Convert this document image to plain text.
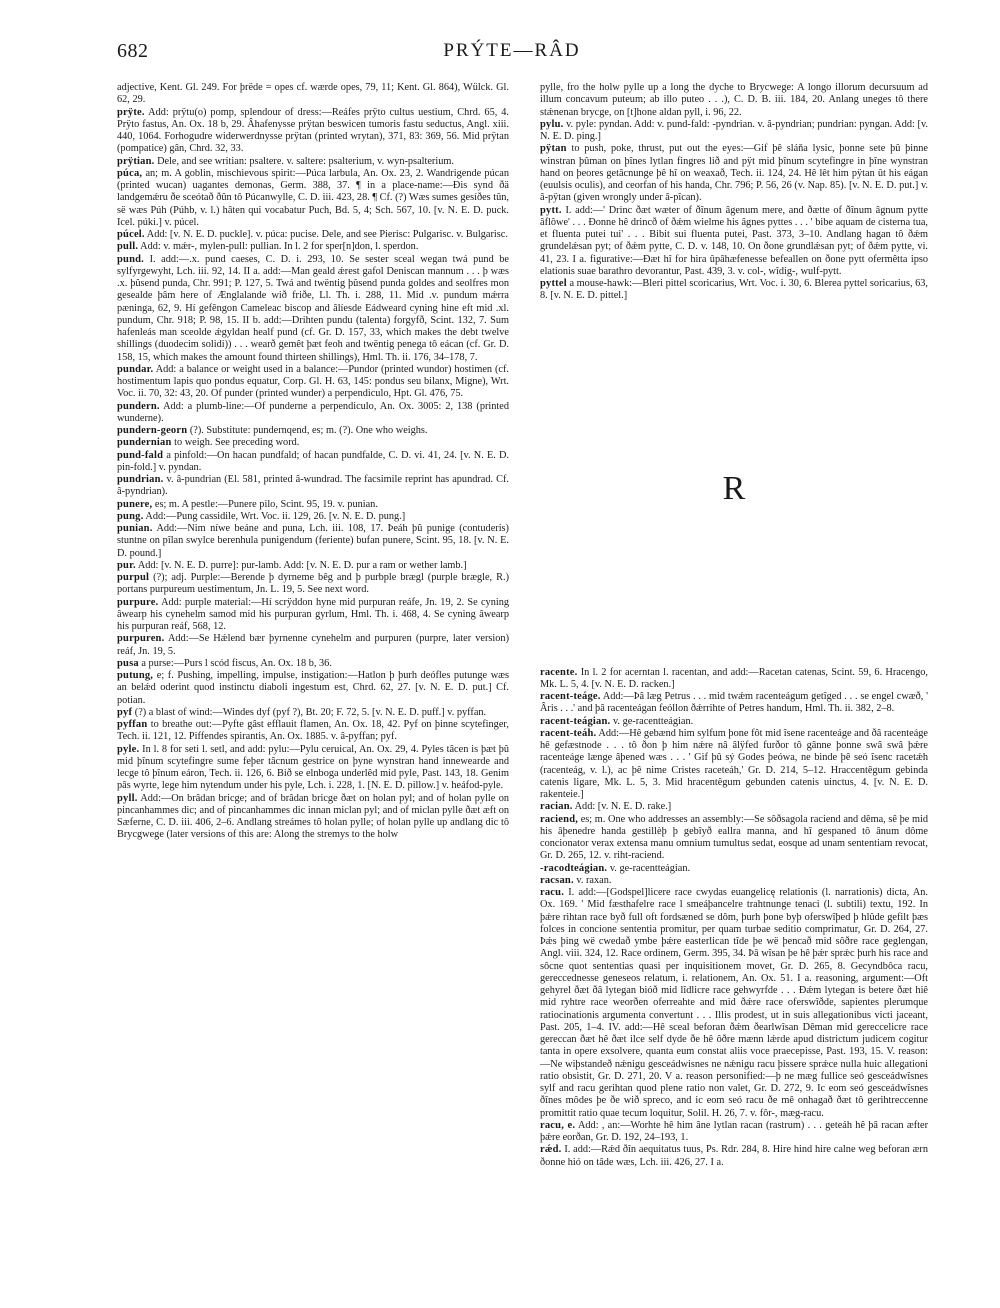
682	PRÝTE—RÂD

adjective, Kent. Gl. 249. For þrëde = opes cf. wærde opes, 79, 11; Kent. Gl. 864), Wülck. Gl. 62, 29.

prÿte. Add: prÿtu(o) pomp, splendour of dress:—Reáfes prÿto cultus uestium, Chrd. 65, 4. Prÿto fastus, An. Ox. 18 b, 29. Âhafenysse prÿtan beswicen tumoris fastu seductus, Angl. xiii. 440, 1064. Forhogudre widerwerdnysse prÿtan (printed wrytan), 371, 83: 369, 56. Mid prÿtan (pompatice) gân, Chrd. 32, 33.

prÿtian. Dele, and see writian: psaltere. v. saltere: psalterium, v. wyn-psalterium.

púca, an; m. A goblin, mischievous spirit:—Púca larbula, An. Ox. 23, 2. Wandrigende púcan (printed wucan) uagantes demonas, Germ. 388, 37. ¶ in a place-name:—Đis synd ðä landgemǽru ðe sceótað ðûn tô Púcanwylle, C. D. iii. 423, 28. ¶ Cf. (?) Wæs sumes gesíðes tûn, së wæs Púh (Púhb, v. l.) hâten qui vocabatur Puch, Bd. 5, 4; Sch. 567, 10. [v. N. E. D. puck. Icel. púki.] v. púcel.

púcel. Add: [v. N. E. D. puckle]. v. púca: pucise. Dele, and see Pierisc: Pulgarisc. v. Bulgarisc.

pull. Add: v. mǽr-, mylen-pull: pullian. In l. 2 for sper[n]don, l. sperdon.

pund. I. add:—.x. pund caeses, C. D. i. 293, 10. Se sester sceal wegan twá pund be sylfyrgewyht, Lch. iii. 92, 14. II a. add:—Man geald ǽrest gafol Deniscan mannum . . . þ wæs .x. þûsend punda, Chr. 991; P. 127, 5. Twá and twëntig þûsend punda goldes and seolfres mon gesealde þâm here of Ænglalande wið friðe, Ll. Th. i. 288, 11. Mid .v. pundum mǽrra pæninga, 62, 9. Hí gefêngon Cameleac biscop and âlíesde Eádweard cyning hine eft mid .xl. pundum, Chr. 918; P. 98, 15. II b. add:—Drihten pundu (talenta) forgyfð, Scint. 132, 7. Sum hafenleás man sceolde ǽgyldan healf pund (cf. Gr. D. 157, 33, which makes the debt twelve shillings (duodecim solidi)) . . . wearð gemêt þæt feoh and twëntig penega tô eácan (cf. Gr. D. 158, 15, which makes the amount found thirteen shillings), Hml. Th. ii. 176, 34–178, 7.

pundar. Add: a balance or weight used in a balance:—Pundor (printed wundor) hostimen (cf. hostimentum lapis quo pondus equatur, Corp. Gl. H. 63, 145: pondus seu bilanx, Migne), Wrt. Voc. ii. 70, 32: 43, 20. Of punder (printed wunder) a perpendiculo, Hpt. Gl. 476, 75.

pundern. Add: a plumb-line:—Of punderne a perpendiculo, An. Ox. 3005: 2, 138 (printed wunderne).

pundern-georn (?). Substitute: pundernqend, es; m. (?). One who weighs.

pundernian to weigh. See preceding word.

pund-fald a pinfold:—On hacan pundfald; of hacan pundfalde, C. D. vi. 41, 24. [v. N. E. D. pin-fold.] v. pyndan.

pundrian. v. â-pundrian (El. 581, printed â-wundrad. The facsimile reprint has apundrad. Cf. â-pyndrian).

punere, es; m. A pestle:—Punere pilo, Scint. 95, 19. v. punian.

pung. Add:—Pung cassidile, Wrt. Voc. ii. 129, 26. [v. N. E. D. pung.]

punian. Add:—Nim níwe beáne and puna, Lch. iii. 108, 17. Þeáh þû punige (contuderis) stuntne on pîlan swylce berenhula punigendum (feriente) bufan punere, Scint. 95, 18. [v. N. E. D. pound.]

pur. Add: [v. N. E. D. purre]: pur-lamb. Add: [v. N. E. D. pur a ram or wether lamb.]

purpul (?); adj. Purple:—Berende þ dyrneme bêg and þ purbple brægl (purple brægle, R.) portans purpureum uestimentum, Jn. L. 19, 5. See next word.

purpure. Add: purple material:—Hí scrÿddon hyne mid purpuran reáfe, Jn. 19, 2. Se cyning âwearp his cynehelm samod mid his purpuran gyrlum, Hml. Th. i. 468, 4. Se cyning âwearp his purpuran reáf, 568, 12.

purpuren. Add:—Se Hǽlend bær þyrnenne cynehelm and purpuren (purpre, later version) reáf, Jn. 19, 5.

pusa a purse:—Purs l scód fiscus, An. Ox. 18 b, 36.

putung, e; f. Pushing, impelling, impulse, instigation:—Hatlon þ þurh deófles putunge wæs an belǽd oderint quod instinctu diaboli ingestum est, Chrd. 62, 27. [v. N. E. D. put.] Cf. potian.

pyf (?) a blast of wind:—Windes dyf (pyf ?), Bt. 20; F. 72, 5. [v. N. E. D. puff.] v. pyffan.

pyffan to breathe out:—Pyfte gâst efflauit flamen, An. Ox. 18, 42. Pyf on þinne scytefinger, Tech. ii. 121, 12. Piffendes spirantis, An. Ox. 1885. v. â-pyffan; pyf.

pyle. In l. 8 for seti l. setl, and add: pylu:—Pylu ceruical, An. Ox. 29, 4. Pyles tâcen is þæt þû mid þînum scytefingre sume feþer tâcnum gestrice on þyne wynstran hand innewearde and lecge tô þînum eáron, Tech. ii. 126, 6. Bið se elnboga underlêd mid pyle, Past. 143, 18. Genim pâs wyrte, lege him nytendum under his pyle, Lch. i. 228, 1. [N. E. D. pillow.] v. heáfod-pyle.

pyll. Add:—On brâdan bricge; and of brâdan bricge ðæt on holan pyl; and of holan pylle on pincanhammes dic; and of pincanhammes dic innan miclan pyl; and of miclan pylle ðæt æft on Sæferne, C. D. iii. 406, 2–6. Andlang streámes tô holan pylle; of holan pylle up andlang dic tô Brycgwege (later versions of this are: Along the stremys to the holw

pylle, fro the holw pylle up a long the dyche to Brycwege: A longo illorum decursuum ad illum concavum puteum; ab illo puteo . . .), C. D. B. iii. 184, 20. Anlang uneges tô there stǽnenan brycge, on [t]hone aldan pyll, i. 96, 22.

pylu. v. pyle: pyndan. Add: v. pund-fald: -pyndrian. v. â-pyndrian; pundrian: pyngan. Add: [v. N. E. D. ping.]

pÿtan to push, poke, thrust, put out the eyes:—Gif þê sláňa lysic, þonne sete þû þinne winstran þûman on þînes lytlan fingres lið and pÿt mid þînum scytefingre in þîne wynstran hand on þeores getâcnunge þê hî on weaxað, Tech. ii. 124, 24. Hê lêt him pÿtan ût his eágan (euulsis oculis), and ceorfan of his handa, Chr. 796; P. 56, 26 (v. Nap. 85). [v. N. E. D. put.] v. â-pÿtan (given wrongly under â-pîcan).

pytt. I. add:—' Drinc ðæt wæter of ðînum âgenum mere, and ðætte of ðînum âgnum pytte âflôwe' . . . Ðonne hê drincð of ðǽm wielme his âgnes pyttes . . . ' bibe aquam de cisterna tua, et fluenta putei tui' . . . Bibit sui fluenta putei, Past. 373, 3–10. Andlang hagan tô ðǽm grundelǽsan pyt; of ðǽm pytte, C. D. v. 148, 10. On ðone grundlǽsan pyt; of ðǽm pytte, vi. 41, 23. I a. figurative:—Ðæt hî for hira ûpâhæfenesse befeallen on ðone pytt ofermêtta ipso elationis suae barathro devorantur, Past. 439, 3. v. col-, wîdig-, wulf-pytt.

pyttel a mouse-hawk:—Bleri pittel scoricarius, Wrt. Voc. i. 30, 6. Blerea pyttel soricarius, 63, 8. [v. N. E. D. pittel.]

R

racente. In l. 2 for acerntan l. racentan, and add:—Racetan catenas, Scint. 59, 6. Hracengo, Mk. L. 5, 4. [v. N. E. D. racken.]

racent-teáge. Add:—Þâ læg Petrus . . . mid twǽm racenteágum getîged . . . se engel cwæð, ' Âris . . .' and þâ racenteágan feóllon ðǽrrihte of Petres handum, Hml. Th. ii. 382, 2–8.

racent-teágian. v. ge-racentteágian.

racent-teáh. Add:—Hê gebænd him sylfum þone fôt mid îsene racenteáge and ðâ racenteáge hê gefæstnode . . . tô ðon þ him nǽre nâ âlÿfed furðor tô gânne þonne swâ swâ þǽre racenteáge længe âþened wæs . . . ' Gif þû sý Godes þeówa, ne binde þê seó îsenc racetǽh (racenteág, v. l.), ac þê nime Cristes raceteáh,' Gr. D. 214, 5–12. Hraccentêgum gebinda catenis ligare, Mk. L. 5, 3. Mid hracentêgum gebunden catenis uinctus, 4. [v. N. E. D. rakenteie.]

racian. Add: [v. N. E. D. rake.]

raciend, es; m. One who addresses an assembly:—Se sôðsagola raciend and dêma, sê þe mid his âþenedre handa gestillèþ þ gebîyð eallra manna, and hî gespaned tô ânum dôme concionator verax extensa manu omnium tumultus sedat, eosque ad unam sententiam revocat, Gr. D. 265, 12. v. riht-raciend.

-racodteágian. v. ge-racentteágian.

racsan. v. raxan.

racu. I. add:—[Godspel]licere race cwydas euangelicę relationis (l. narrationis) dicta, An. Ox. 169. ' Mid fæsthafelre race l smeáþancelre trahtnunge tenaci (l. subtili) textu, 192. In þǽre rihtan race byð full oft fordsæned se dôm, þurh þone byþ oferswîþed þ hlûde gefilt þæs folces in concione sententia promitur, per quam turbae seditio comprimatur, Gr. D. 264, 27. Þǽs þing wë cwedað ymbe þǽre easterlican tîde þe wë þencað mid sôðre race geglengan, Angl. viii. 324, 12. Race ordinem, Germ. 395, 34. Þâ wîsan þe hê þǽr sprǽc þurh his race and sôcne quot sententias quasi per inquisitionem movet, Gr. D. 265, 8. Gecyndbôca racu, gereccednesse geneseos relatum, i. relationem, An. Ox. 51. I a. reasoning, argument:—Oft gehyrel ðæt ðâ lytegan bióð mid lîdlicre race gehwyrfde . . . Ðǽm lytegan is betere ðæt hiê mid ryhtre race weorðen oferreahte and mid ðǽre race oferswîðde, sapientes plerumque ratiocinationis argumenta convertunt . . . Illis prodest, ut in suis allegationibus victi jaceant, Past. 205, 1–4. IV. add:—Hê sceal beforan ðǽm ðearlwîsan Dêman mid gereccelicre race gereccan ðæt hê ðæt ilce self dyde ðe hê ôðre mænn lǽrde apud districtum judicem cogitur tanta in opere exsolvere, quanta eum constat aliis voce praecepisse, Past. 193, 15. V. reason:—Ne wiþstandeð nǽnigu gesceádwisnes ne nǽnigu racu þissere sprǽce nulla huic allegationi ratio obsistit, Gr. D. 271, 20. V a. reason personified:—þ ne mæg fullice seó gesceádwîsnes sylf and racu gerihtan quod plene ratio non valet, Gr. D. 272, 9. Ic eom seó gesceádwîsnes ðînes môdes þe ðe wið spreco, and ic eom seó racu ðe mê onhagað ðæt tô gerihtreccenne promittit ratio quae tecum loquitur, Solil. H. 26, 7. v. fôr-, mæg-racu.

racu, e. Add: , an:—Worhte hê him âne lytlan racan (rastrum) . . . geteáh hê þâ racan æfter þǽre eorðan, Gr. D. 192, 24–193, 1.

rǽd. I. add:—Rǽd ðîn aequitatus tuus, Ps. Rdr. 284, 8. Hire hind hire calne weg beforan ærn ðonne hió on tâde wæs, Lch. iii. 426, 27. I a.
